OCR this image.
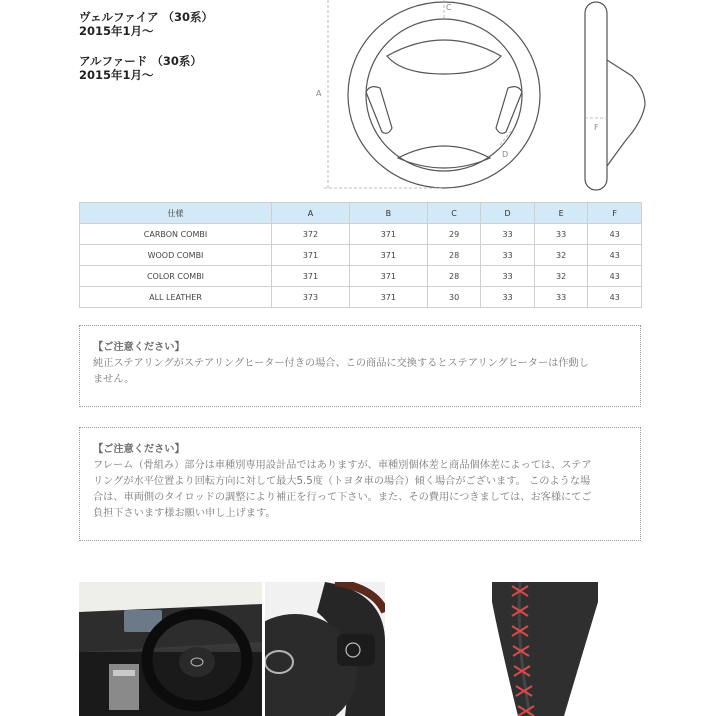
ヴェルファイア （30系）
2015年1月〜
アルファード （30系）
2015年1月〜
A
C
D
F
仕様	A	B	C	D	E	F
CARBON COMBI	372	371	29	33	33	43
WOOD COMBI	371	371	28	33	32	43
COLOR COMBI	371	371	28	33	32	43
ALL LEATHER	373	371	30	33	33	43
【ご注意ください】
純正ステアリングがステアリングヒーター付きの場合、この商品に交換するとステアリングヒーターは作動し
ません。
【ご注意ください】
フレーム（骨組み）部分は車種別専用設計品ではありますが、車種別個体差と商品個体差によっては、ステア
リングが水平位置より回転方向に対して最大5.5度（トヨタ車の場合）傾く場合がございます。 このような場
合は、車両側のタイロッドの調整により補正を行って下さい。また、その費用につきましては、お客様にてご
負担下さいます様お願い申し上げます。
